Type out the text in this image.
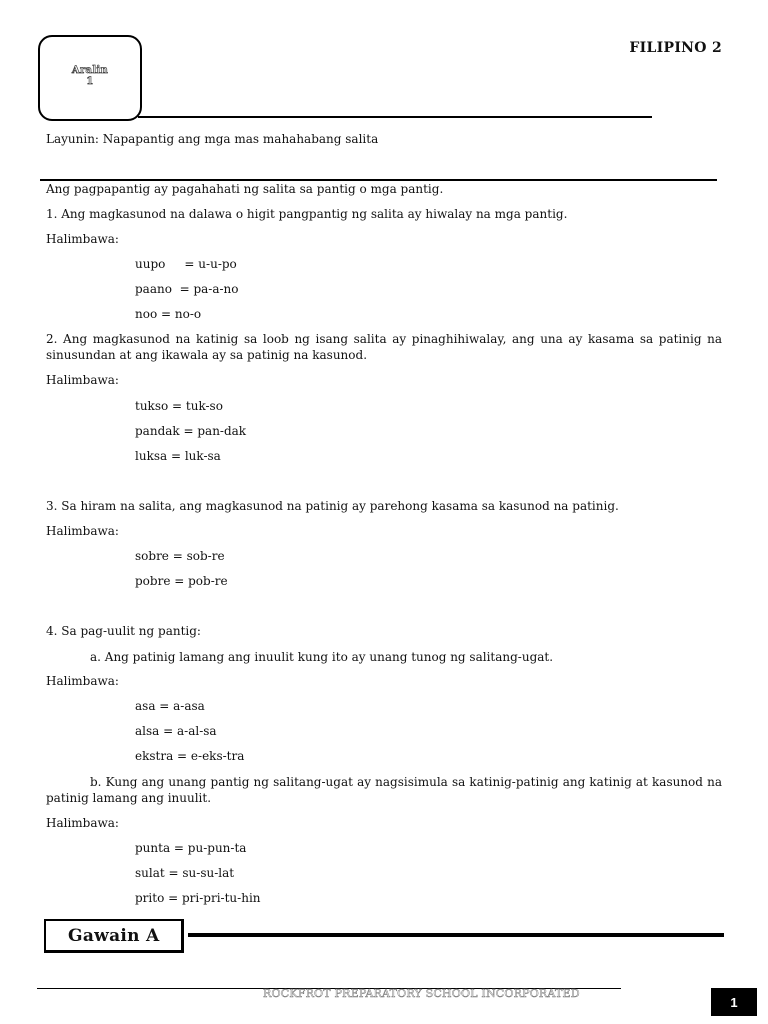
Aralin
1
FILIPINO 2
Layunin: Napapantig ang mga mas mahahabang salita
Ang pagpapantig ay pagahahati ng salita sa pantig o mga pantig.
1. Ang magkasunod na dalawa o higit pangpantig ng salita ay hiwalay na mga pantig.
Halimbawa:
uupo     = u-u-po
paano  = pa-a-no
noo = no-o
2. Ang magkasunod na katinig sa loob ng isang salita ay pinaghihiwalay, ang una ay kasama sa patinig na sinusundan at ang ikawala ay sa patinig na kasunod.
Halimbawa:
tukso = tuk-so
pandak = pan-dak
luksa = luk-sa
3. Sa hiram na salita, ang magkasunod na patinig ay parehong kasama sa kasunod na patinig.
Halimbawa:
sobre = sob-re
pobre = pob-re
4. Sa pag-uulit ng pantig:
a. Ang patinig lamang ang inuulit kung ito ay unang tunog ng salitang-ugat.
Halimbawa:
asa = a-asa
alsa = a-al-sa
ekstra = e-eks-tra
b. Kung ang unang pantig ng salitang-ugat ay nagsisimula sa katinig-patinig ang katinig at kasunod na patinig lamang ang inuulit.
Halimbawa:
punta = pu-pun-ta
sulat = su-su-lat
prito = pri-pri-tu-hin
Gawain A
ROCKFROT PREPARATORY SCHOOL INCORPORATED
1
